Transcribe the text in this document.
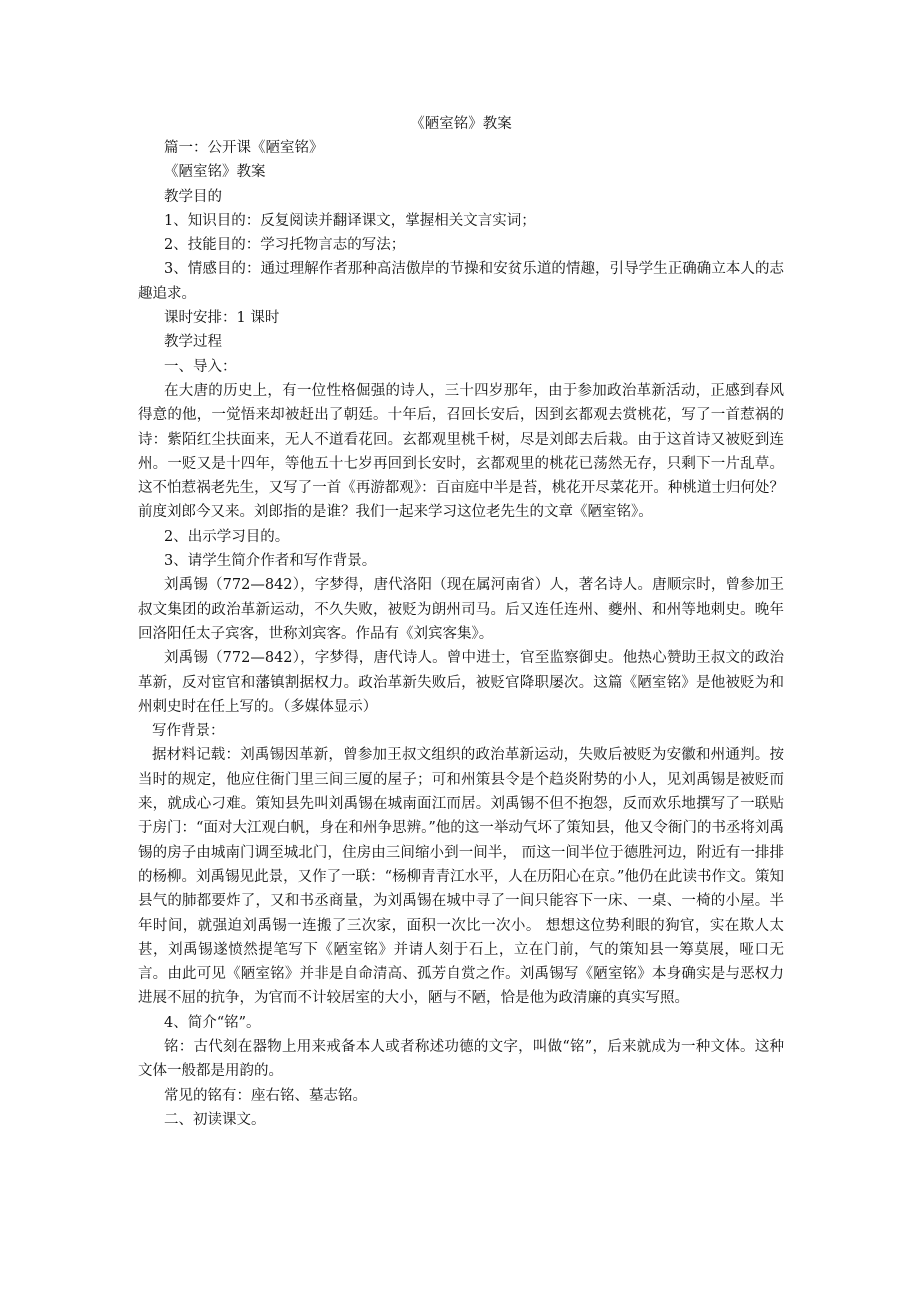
《陋室铭》教案

篇一：公开课《陋室铭》

《陋室铭》教案

教学目的

1、知识目的：反复阅读并翻译课文，掌握相关文言实词；

2、技能目的：学习托物言志的写法；

3、情感目的：通过理解作者那种高洁傲岸的节操和安贫乐道的情趣，引导学生正确确立本人的志趣追求。

课时安排：1 课时

教学过程

一、导入：

在大唐的历史上，有一位性格倔强的诗人，三十四岁那年，由于参加政治革新活动，正感到春风得意的他，一觉悟来却被赶出了朝廷。十年后，召回长安后，因到玄都观去赏桃花，写了一首惹祸的诗：紫陌红尘扶面来，无人不道看花回。玄都观里桃千树，尽是刘郎去后栽。由于这首诗又被贬到连州。一贬又是十四年，等他五十七岁再回到长安时，玄都观里的桃花已荡然无存，只剩下一片乱草。这不怕惹祸老先生，又写了一首《再游都观》：百亩庭中半是苔，桃花开尽菜花开。种桃道士归何处？前度刘郎今又来。刘郎指的是谁？我们一起来学习这位老先生的文章《陋室铭》。

2、出示学习目的。

3、请学生简介作者和写作背景。

刘禹锡（772—842），字梦得，唐代洛阳（现在属河南省）人，著名诗人。唐顺宗时，曾参加王叔文集团的政治革新运动，不久失败，被贬为朗州司马。后又连任连州、夔州、和州等地刺史。晚年回洛阳任太子宾客，世称刘宾客。作品有《刘宾客集》。

刘禹锡（772—842），字梦得，唐代诗人。曾中进士，官至监察御史。他热心赞助王叔文的政治革新，反对宦官和藩镇割据权力。政治革新失败后，被贬官降职屡次。这篇《陋室铭》是他被贬为和州刺史时在任上写的。（多媒体显示）

写作背景：

据材料记载：刘禹锡因革新，曾参加王叔文组织的政治革新运动，失败后被贬为安徽和州通判。按当时的规定，他应住衙门里三间三厦的屋子；可和州策县令是个趋炎附势的小人，见刘禹锡是被贬而来，就成心刁难。策知县先叫刘禹锡在城南面江而居。刘禹锡不但不抱怨，反而欢乐地撰写了一联贴于房门：“面对大江观白帆，身在和州争思辨。”他的这一举动气坏了策知县，他又令衙门的书丞将刘禹锡的房子由城南门调至城北门，住房由三间缩小到一间半， 而这一间半位于德胜河边，附近有一排排的杨柳。刘禹锡见此景，又作了一联：“杨柳青青江水平，人在历阳心在京。”他仍在此读书作文。策知县气的肺都要炸了，又和书丞商量，为刘禹锡在城中寻了一间只能容下一床、一桌、一椅的小屋。半年时间，就强迫刘禹锡一连搬了三次家，面积一次比一次小。 想想这位势利眼的狗官，实在欺人太甚，刘禹锡遂愤然提笔写下《陋室铭》并请人刻于石上，立在门前，气的策知县一筹莫展，哑口无言。由此可见《陋室铭》并非是自命清高、孤芳自赏之作。刘禹锡写《陋室铭》本身确实是与恶权力进展不屈的抗争，为官而不计较居室的大小，陋与不陋，恰是他为政清廉的真实写照。

4、简介“铭”。

铭：古代刻在器物上用来戒备本人或者称述功德的文字，叫做“铭”，后来就成为一种文体。这种文体一般都是用韵的。

常见的铭有：座右铭、墓志铭。

二、初读课文。
